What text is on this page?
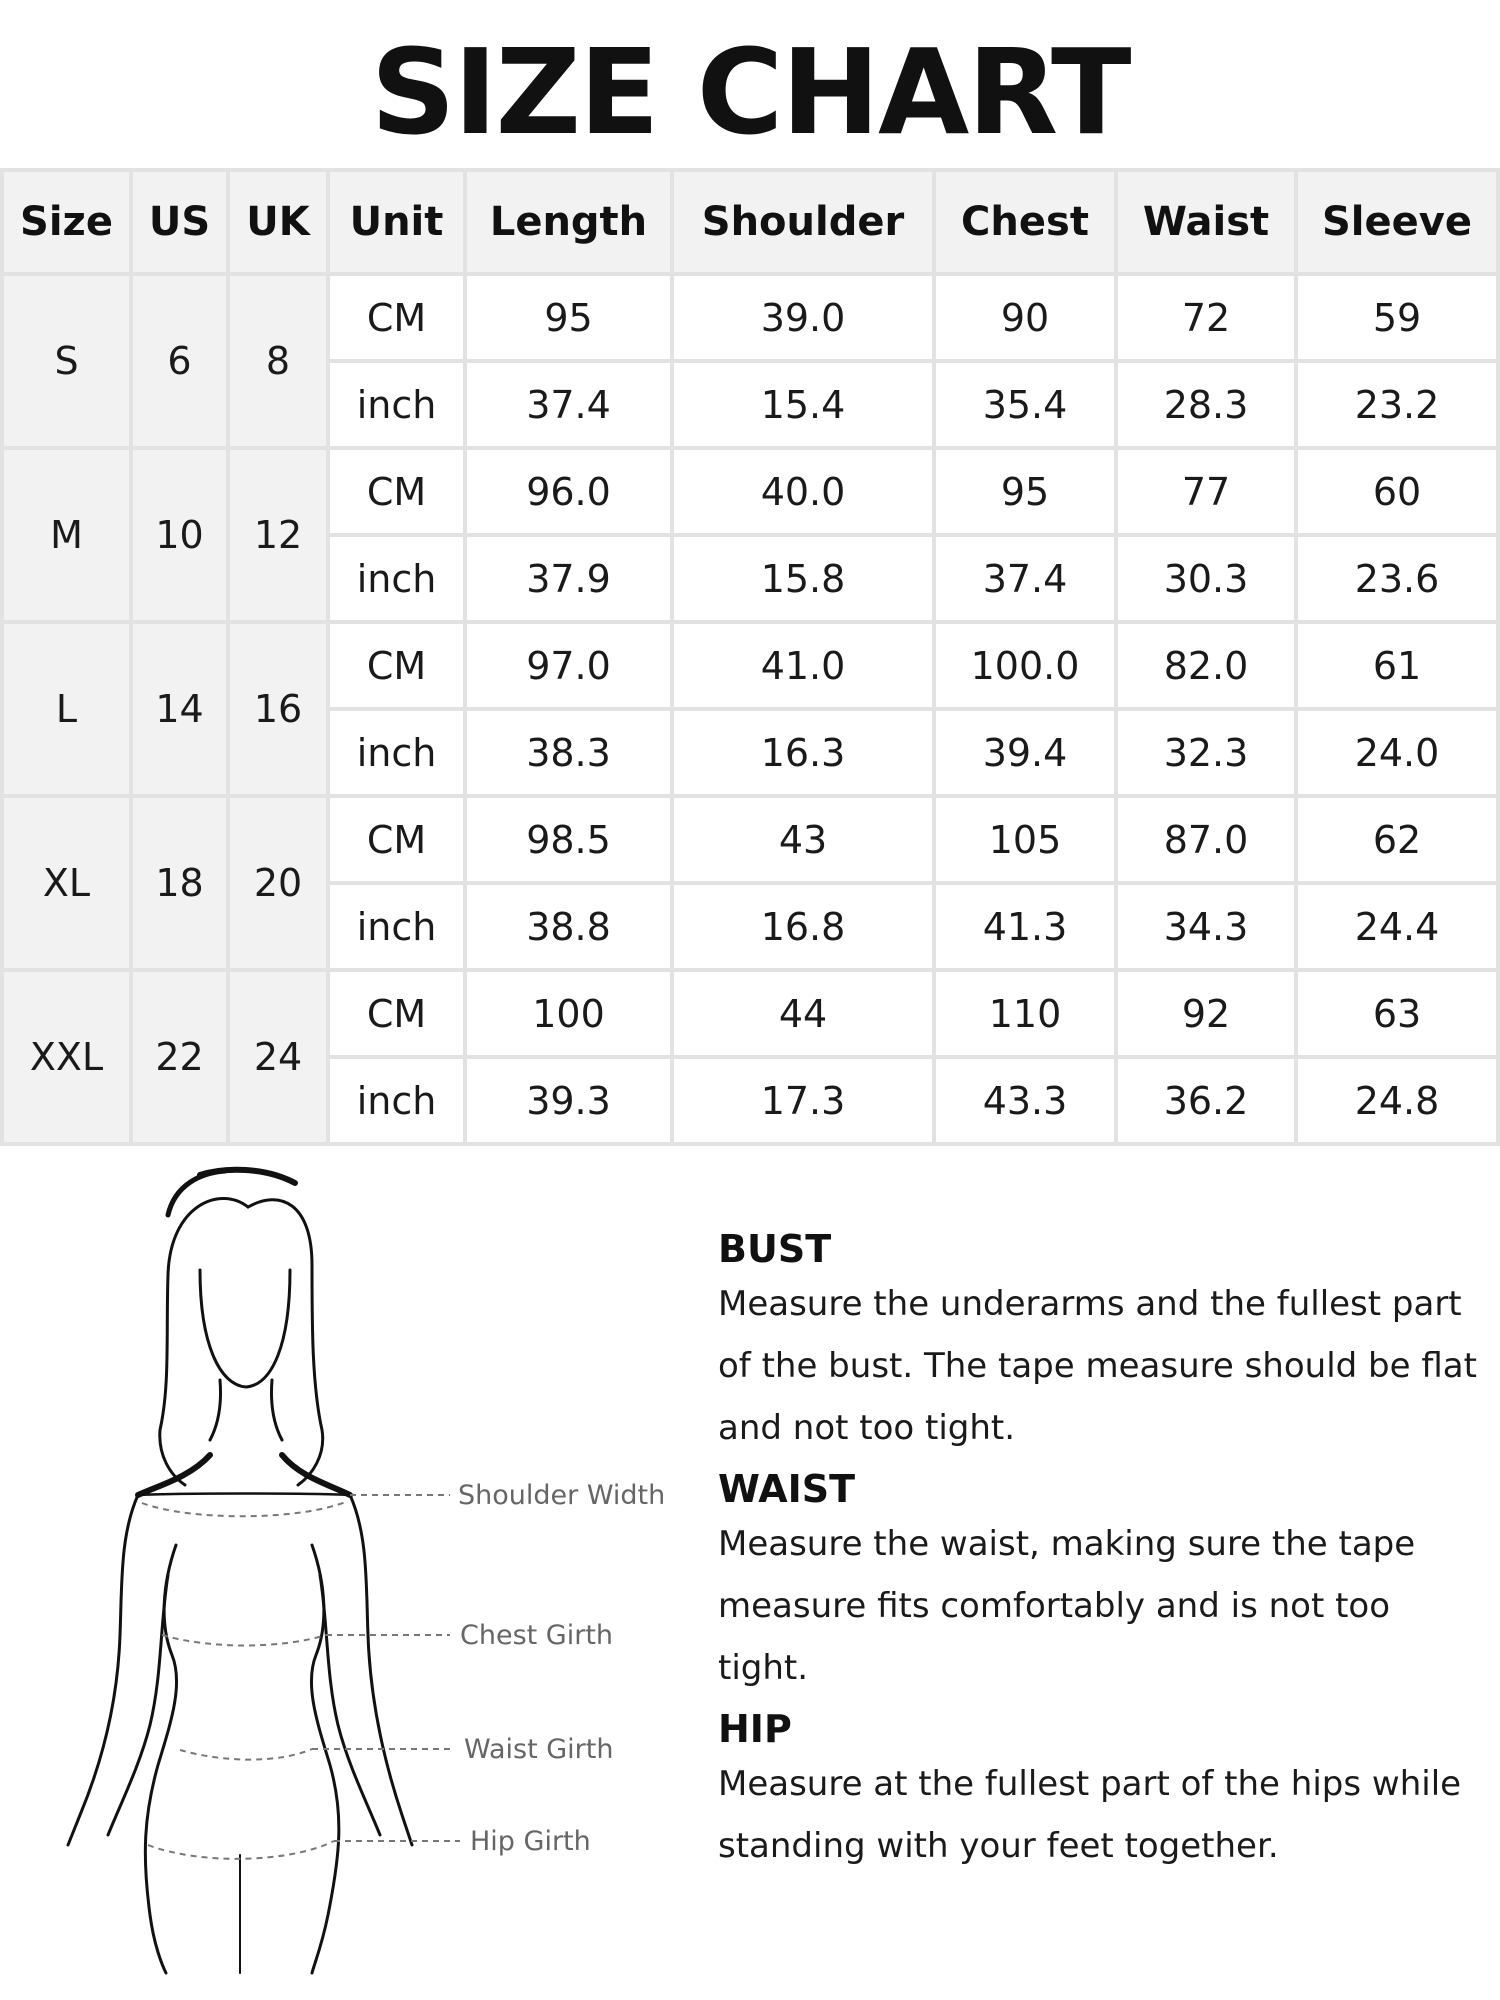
SIZE CHART
Size	US	UK	Unit	Length	Shoulder	Chest	Waist	Sleeve
S	6	8	CM	95	39.0	90	72	59
			inch	37.4	15.4	35.4	28.3	23.2
M	10	12	CM	96.0	40.0	95	77	60
			inch	37.9	15.8	37.4	30.3	23.6
L	14	16	CM	97.0	41.0	100.0	82.0	61
			inch	38.3	16.3	39.4	32.3	24.0
XL	18	20	CM	98.5	43	105	87.0	62
			inch	38.8	16.8	41.3	34.3	24.4
XXL	22	24	CM	100	44	110	92	63
			inch	39.3	17.3	43.3	36.2	24.8
Shoulder Width
Chest Girth
Waist Girth
Hip Girth

BUST

Measure the underarms and the fullest part of the bust. The tape measure should be flat and not too tight.

WAIST

Measure the waist, making sure the tape measure fits comfortably and is not too tight.

HIP

Measure at the fullest part of the hips while standing with your feet together.
